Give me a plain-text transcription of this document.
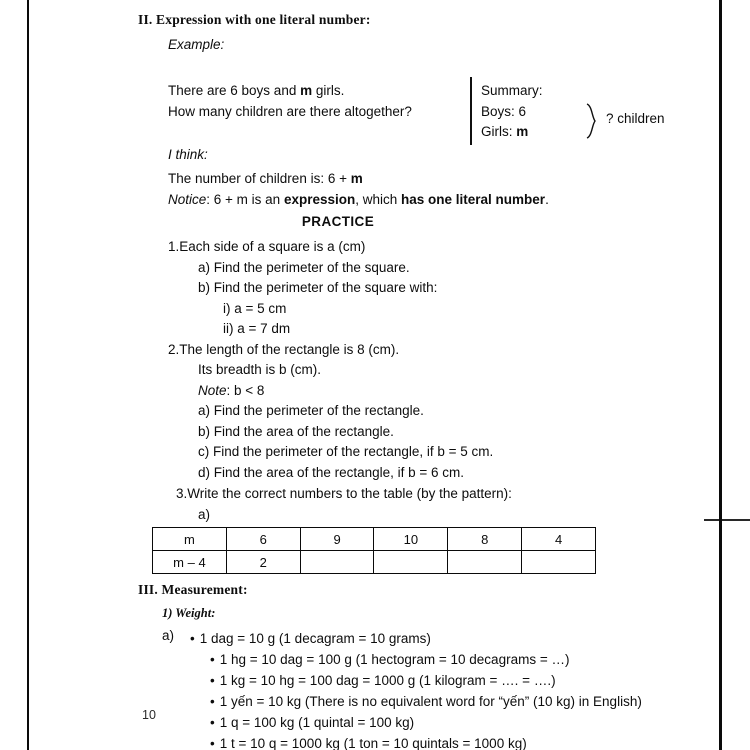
II. Expression with one literal number:
Example:

There are 6 boys and m girls.

How many children are there altogether?

Summary:

Boys: 6

Girls: m

? children

I think:

The number of children is: 6 + m

Notice: 6 + m is an expression, which has one literal number.

PRACTICE

1.Each side of a square is a (cm)

a) Find the perimeter of the square.

b) Find the perimeter of the square with:

i) a = 5 cm

ii) a = 7 dm

2.The length of the rectangle is 8 (cm).

Its breadth is b (cm).

Note: b < 8

a) Find the perimeter of the rectangle.

b) Find the area of the rectangle.

c) Find the perimeter of the rectangle, if b = 5 cm.

d) Find the area of the rectangle, if b = 6 cm.

3.Write the correct numbers to the table (by the pattern):

a)

m	6	9	10	8	4
m – 4	2				
III. Measurement:
1) Weight:
a) • 1 dag = 10 g (1 decagram = 10 grams)

• 1 hg = 10 dag = 100 g (1 hectogram = 10 decagrams = …)

• 1 kg = 10 hg = 100 dag = 1000 g (1 kilogram = …. = ….)

• 1 yến = 10 kg (There is no equivalent word for “yến” (10 kg) in English)

• 1 q = 100 kg (1 quintal = 100 kg)

• 1 t = 10 q = 1000 kg (1 ton = 10 quintals = 1000 kg)

10
